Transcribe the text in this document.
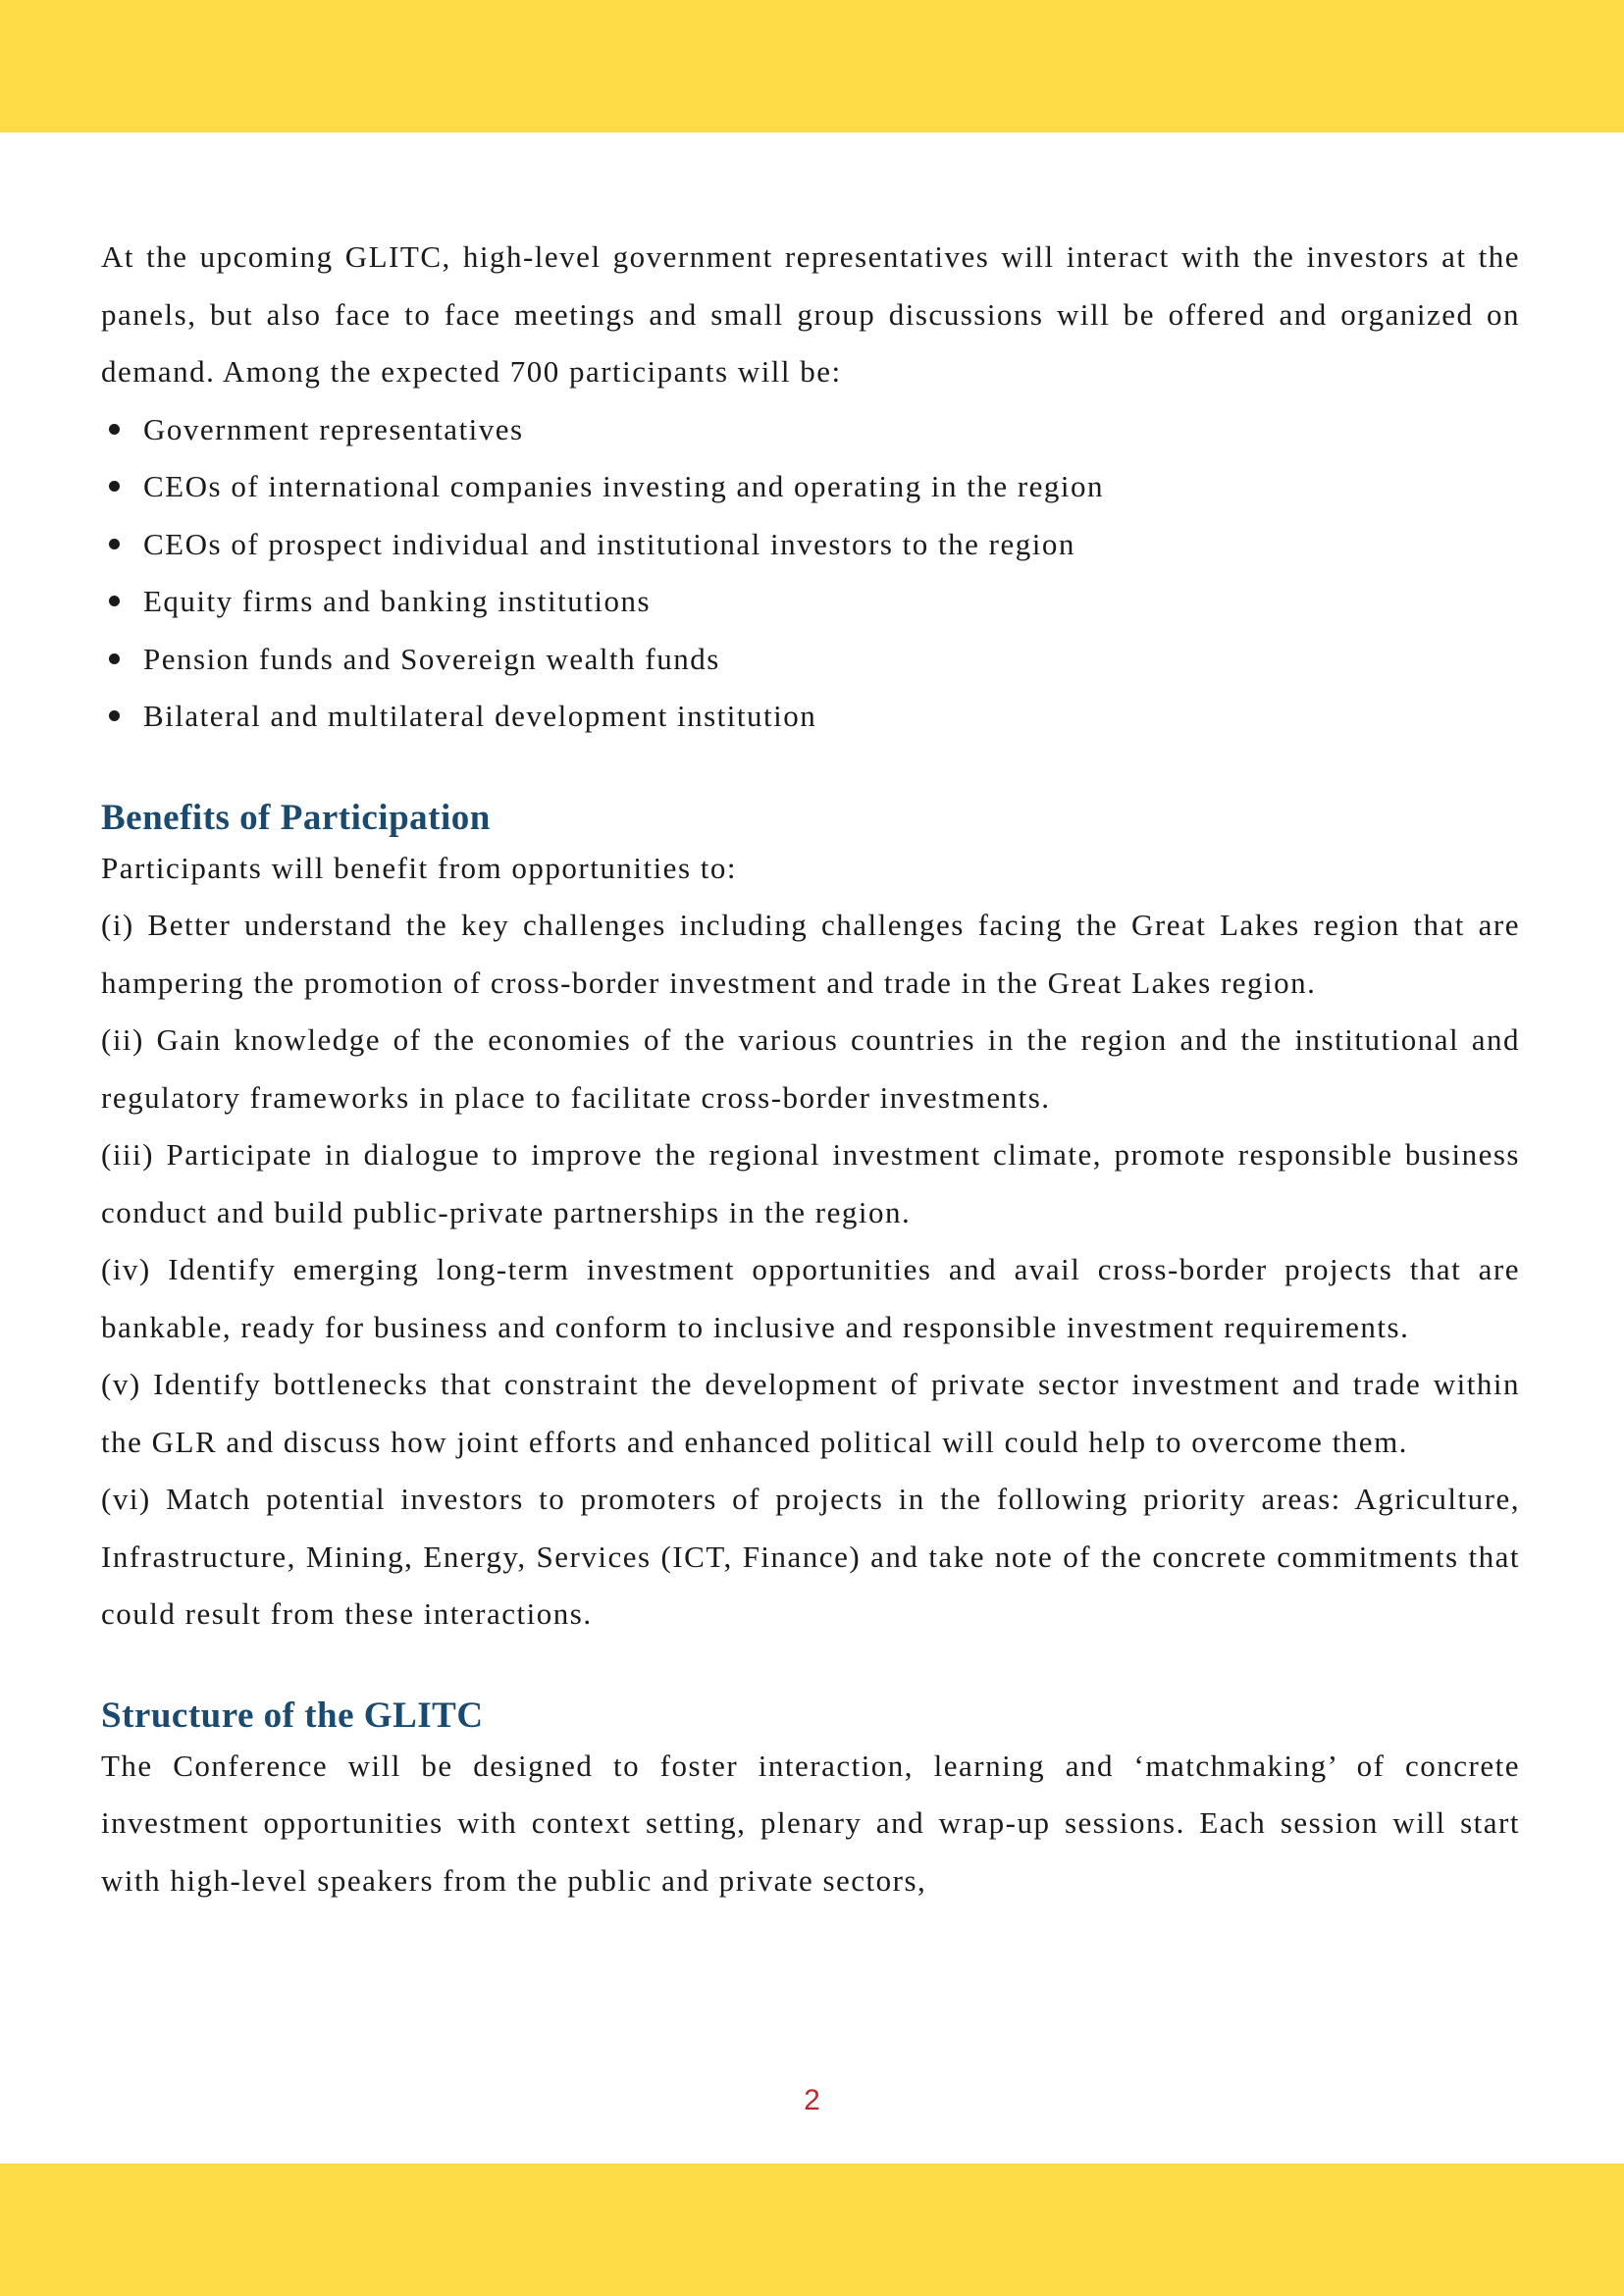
At the upcoming GLITC, high-level government representatives will interact with the investors at the panels, but also face to face meetings and small group discussions will be offered and organized on demand. Among the expected 700 participants will be:

Government representatives
CEOs of international companies investing and operating in the region
CEOs of prospect individual and institutional investors to the region
Equity firms and banking institutions
Pension funds and Sovereign wealth funds
Bilateral and multilateral development institution
Benefits of Participation

Participants will benefit from opportunities to:

(i) Better understand the key challenges including challenges facing the Great Lakes region that are hampering the promotion of cross-border investment and trade in the Great Lakes region.

(ii) Gain knowledge of the economies of the various countries in the region and the institutional and regulatory frameworks in place to facilitate cross-border investments.

(iii) Participate in dialogue to improve the regional investment climate, promote responsible business conduct and build public-private partnerships in the region.

(iv) Identify emerging long-term investment opportunities and avail cross-border projects that are bankable, ready for business and conform to inclusive and responsible investment requirements.

(v) Identify bottlenecks that constraint the development of private sector investment and trade within the GLR and discuss how joint efforts and enhanced political will could help to overcome them.

(vi) Match potential investors to promoters of projects in the following priority areas: Agriculture, Infrastructure, Mining, Energy, Services (ICT, Finance) and take note of the concrete commitments that could result from these interactions.

Structure of the GLITC

The Conference will be designed to foster interaction, learning and ‘matchmaking’ of concrete investment opportunities with context setting, plenary and wrap-up sessions. Each session will start with high-level speakers from the public and private sectors,

2
